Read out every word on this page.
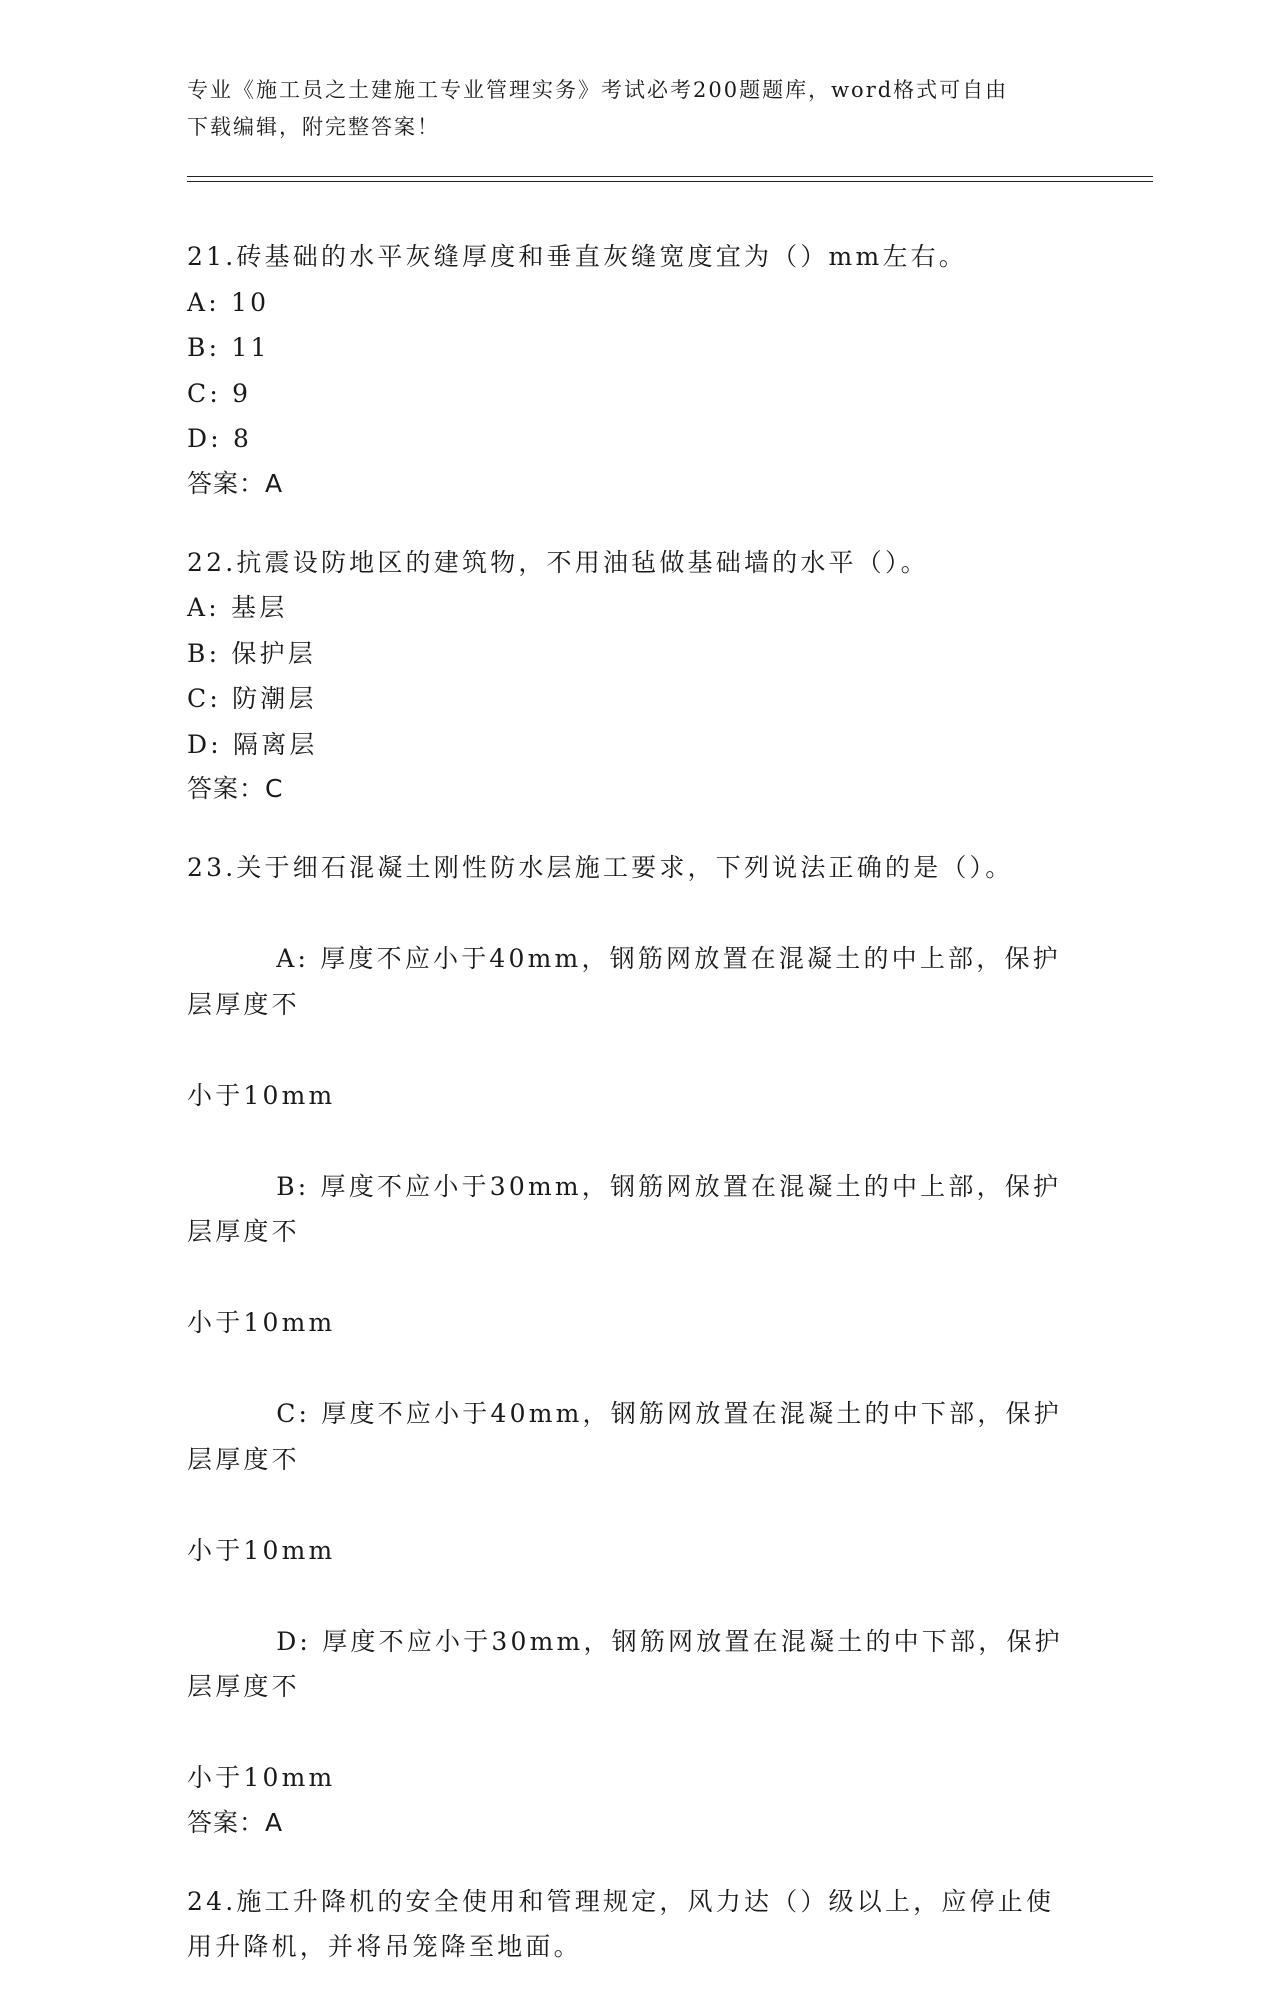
专业《施工员之土建施工专业管理实务》考试必考200题题库，word格式可自由
下载编辑，附完整答案！
21.砖基础的水平灰缝厚度和垂直灰缝宽度宜为（）mm左右。
A:
10
B:
11
C:
9
D:
8
答案：A
22.抗震设防地区的建筑物，不用油毡做基础墙的水平（）。
A:
基层
B:
保护层
C:
防潮层
D:
隔离层
答案：C
23.关于细石混凝土刚性防水层施工要求，下列说法正确的是（）。

A: 厚度不应小于40mm，钢筋网放置在混凝土的中上部，保护层厚度不

小于10mm

B: 厚度不应小于30mm，钢筋网放置在混凝土的中上部，保护层厚度不

小于10mm

C: 厚度不应小于40mm，钢筋网放置在混凝土的中下部，保护层厚度不

小于10mm

D: 厚度不应小于30mm，钢筋网放置在混凝土的中下部，保护层厚度不

小于10mm
答案：A
24.施工升降机的安全使用和管理规定，风力达（）级以上，应停止使
用升降机，并将吊笼降至地面。
